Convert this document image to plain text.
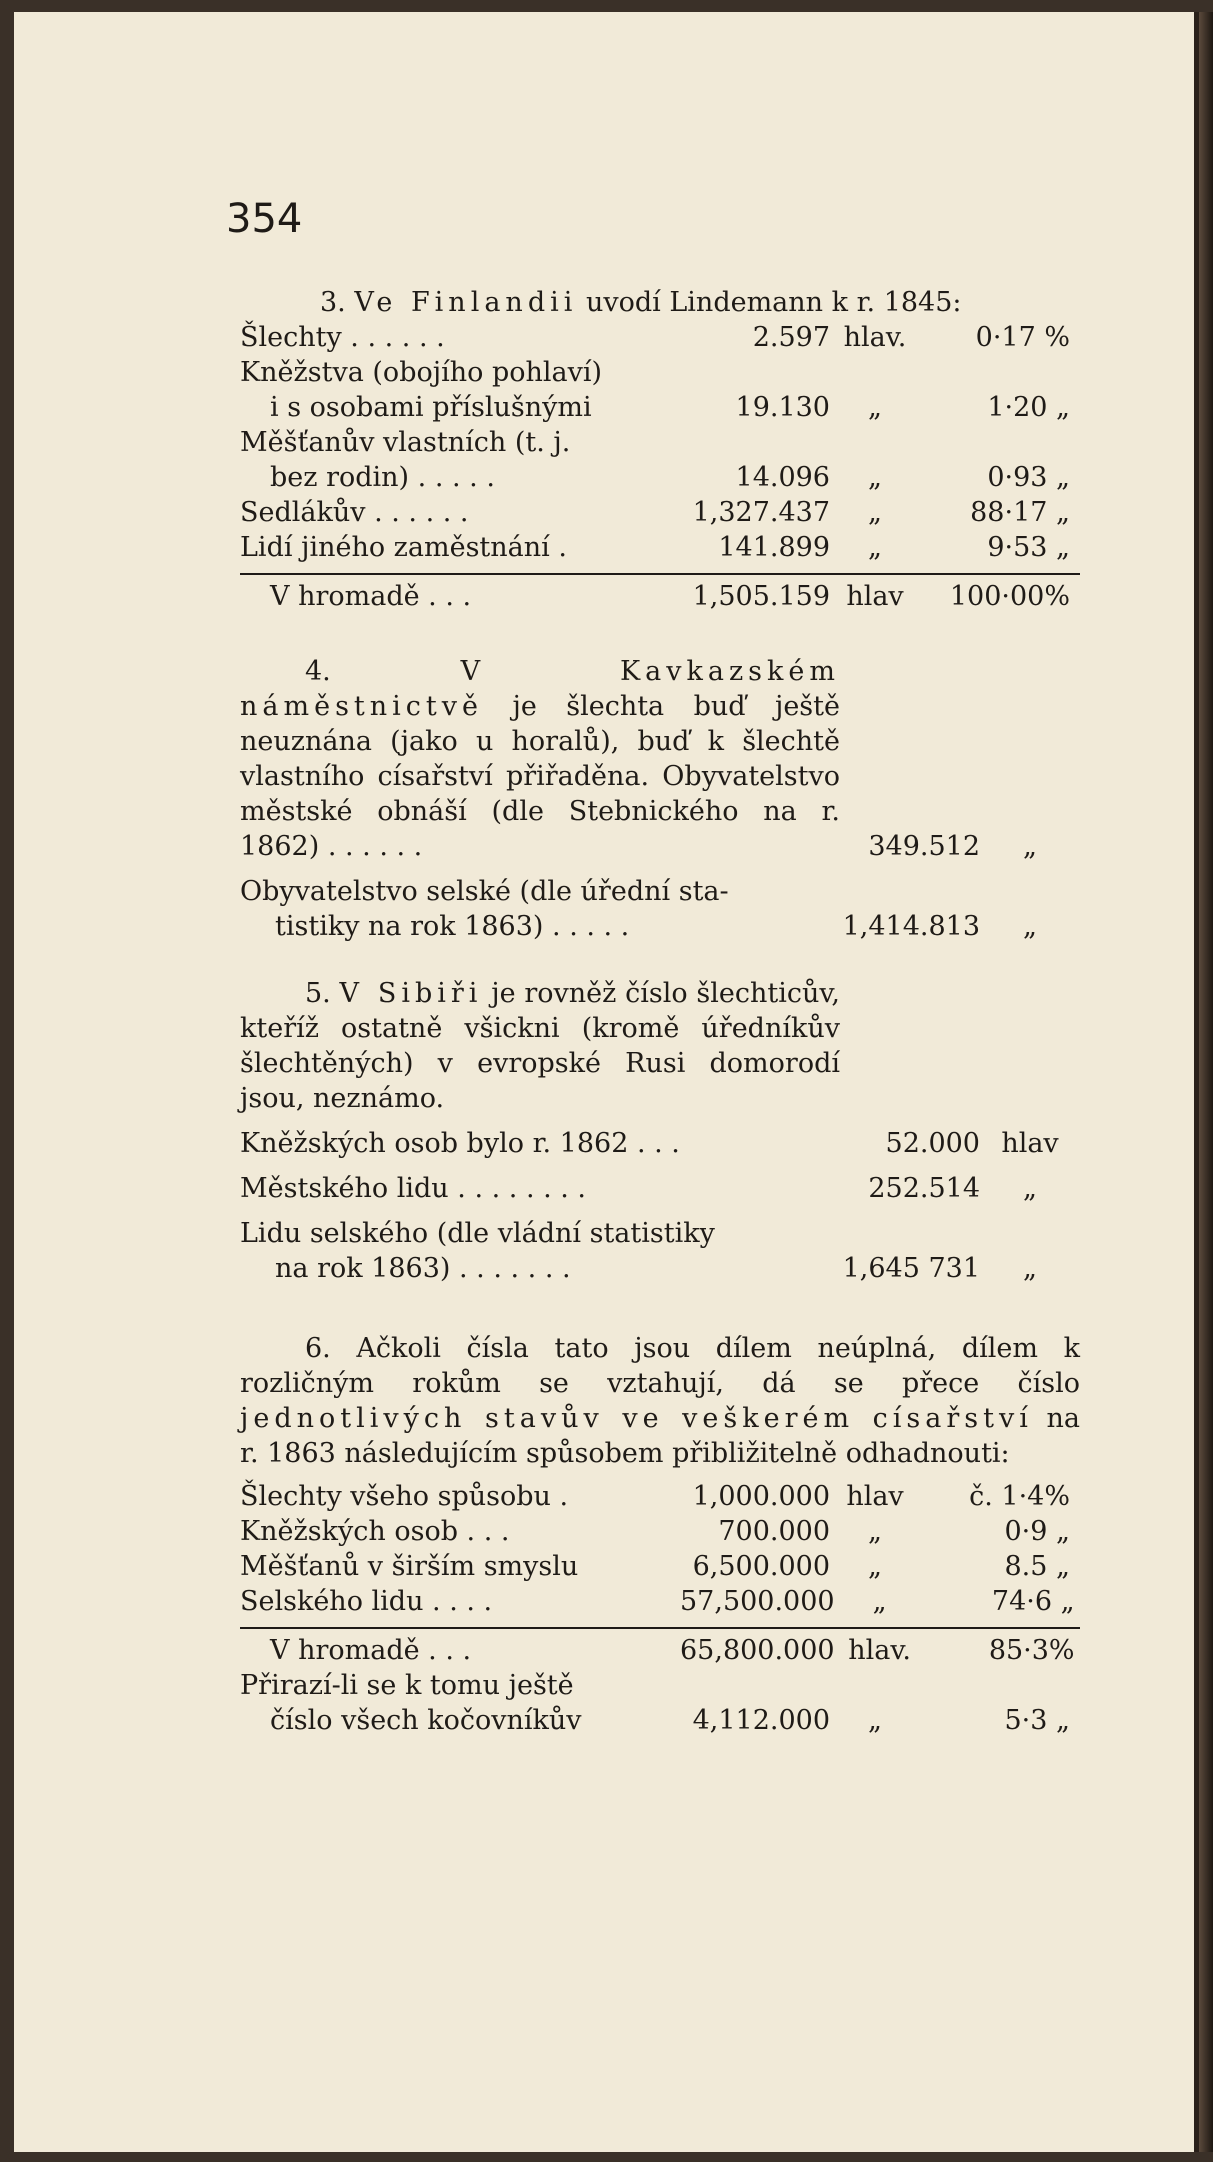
354
3. Ve Finlandii uvodí Lindemann k r. 1845:
Šlechty . . . . . .	2.597 hlav.	0·17 %
Kněžstva (obojího pohlaví)
i s osobami příslušnými	19.130	„	1·20 „
Měšťanův vlastních (t. j.
bez rodin) . . . . .	14.096	„	0·93 „
Sedlákův . . . . . .	1,327.437	„	88·17 „
Lidí jiného zaměstnání .	141.899	„	9·53 „
V hromadě . . .	1,505.159 hlav	100·00%
4.	V Kavkazském náměstnictvě je šlechta buď ještě neuznána (jako u horalů), buď k šlechtě vlastního císařství přiřaděna. Obyvatelstvo městské obnáší (dle Stebnického na r. 1862) . . . . . .	349.512	„
Obyvatelstvo selské (dle úřední sta-
tistiky na rok 1863) . . . . .	1,414.813	„
5. V Sibiři je rovněž číslo šlechticův, kteříž ostatně všickni (kromě úředníkův šlechtěných) v evropské Rusi domorodí jsou, neznámo.
Kněžských osob bylo r. 1862 . . .	52.000 hlav
Městského lidu . . . . . . . .	252.514	„
Lidu selského (dle vládní statistiky
na rok 1863) . . . . . . .	1,645 731	„
6. Ačkoli čísla tato jsou dílem neúplná, dílem k rozličným rokům se vztahují, dá se přece číslo jednotlivých stavův ve veškerém císařství na r. 1863 následujícím spůsobem přibližitelně odhadnouti:
Šlechty všeho spůsobu .	1,000.000 hlav	č. 1·4%
Kněžských osob . . .	700.000	„	0·9 „
Měšťanů v širším smyslu	6,500.000	„	8.5 „
Selského lidu . . . .	57,500.000	„	74·6 „
V hromadě . . .	65,800.000 hlav.	85·3%
Přirazí-li se k tomu ještě
číslo všech kočovníkův	4,112.000	„	5·3 „
